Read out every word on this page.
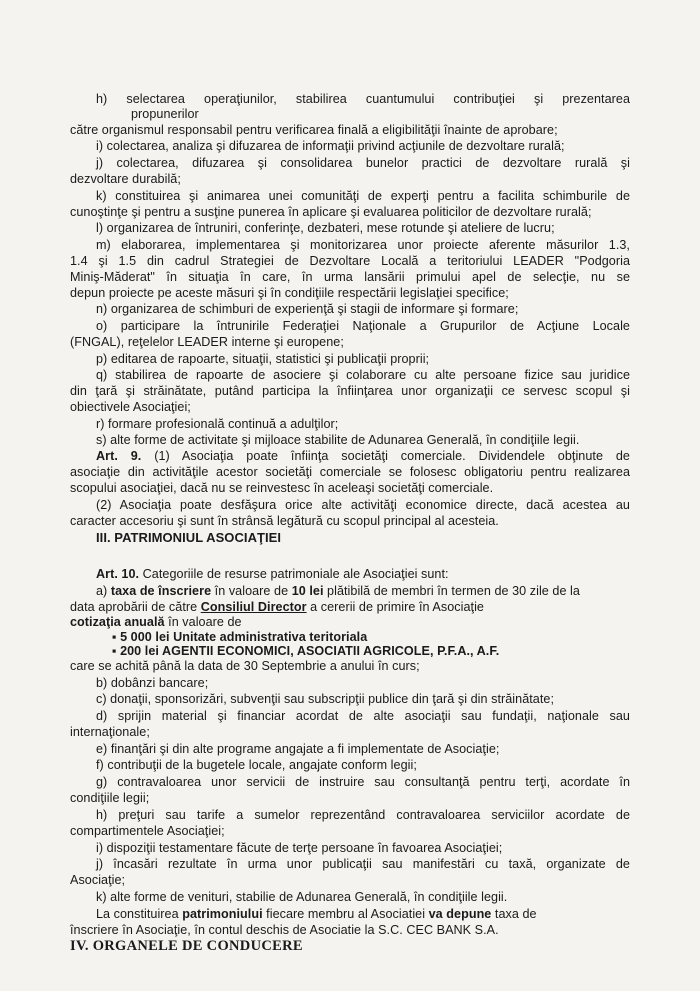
h) selectarea operaţiunilor, stabilirea cuantumului contribuţiei şi prezentarea
propunerilor
către organismul responsabil pentru verificarea finală a eligibilităţii înainte de aprobare;
i) colectarea, analiza şi difuzarea de informaţii privind acţiunile de dezvoltare rurală;
j) colectarea, difuzarea şi consolidarea bunelor practici de dezvoltare rurală şi
dezvoltare durabilă;
k) constituirea şi animarea unei comunităţi de experţi pentru a facilita schimburile de
cunoştinţe şi pentru a susţine punerea în aplicare şi evaluarea politicilor de dezvoltare rurală;
l) organizarea de întruniri, conferinţe, dezbateri, mese rotunde şi ateliere de lucru;
m) elaborarea, implementarea şi monitorizarea unor proiecte aferente măsurilor 1.3,
1.4 şi 1.5 din cadrul Strategiei de Dezvoltare Locală a teritoriului LEADER "Podgoria
Miniş-Măderat" în situaţia în care, în urma lansării primului apel de selecţie, nu se
depun proiecte pe aceste măsuri şi în condiţiile respectării legislaţiei specifice;
n) organizarea de schimburi de experienţă şi stagii de informare şi formare;
o) participare la întrunirile Federaţiei Naţionale a Grupurilor de Acţiune Locale
(FNGAL), reţelelor LEADER interne şi europene;
p) editarea de rapoarte, situaţii, statistici şi publicaţii proprii;
q) stabilirea de rapoarte de asociere şi colaborare cu alte persoane fizice sau juridice
din ţară şi străinătate, putând participa la înfiinţarea unor organizaţii ce servesc scopul şi
obiectivele Asociaţiei;
r) formare profesională continuă a adulţilor;
s) alte forme de activitate şi mijloace stabilite de Adunarea Generală, în condiţiile legii.
Art. 9. (1) Asociaţia poate înfiinţa societăţi comerciale. Dividendele obţinute de
asociaţie din activităţile acestor societăţi comerciale se folosesc obligatoriu pentru realizarea
scopului asociaţiei, dacă nu se reinvestesc în aceleaşi societăţi comerciale.
(2) Asociaţia poate desfăşura orice alte activităţi economice directe, dacă acestea au
caracter accesoriu şi sunt în strânsă legătură cu scopul principal al acesteia.
care se achită până la data de 30 Septembrie a anului în curs;
b) dobânzi bancare;
c) donaţii, sponsorizări, subvenţii sau subscripţii publice din ţară şi din străinătate;
d) sprijin material şi financiar acordat de alte asociaţii sau fundaţii, naţionale sau
internaţionale;
e) finanţări şi din alte programe angajate a fi implementate de Asociaţie;
f) contribuţii de la bugetele locale, angajate conform legii;
g) contravaloarea unor servicii de instruire sau consultanţă pentru terţi, acordate în
condiţiile legii;
h) preţuri sau tarife a sumelor reprezentând contravaloarea serviciilor acordate de
compartimentele Asociaţiei;
i) dispoziţii testamentare făcute de terţe persoane în favoarea Asociaţiei;
j) încasări rezultate în urma unor publicaţii sau manifestări cu taxă, organizate de
Asociaţie;
k) alte forme de venituri, stabilie de Adunarea Generală, în condiţiile legii.
III. PATRIMONIUL ASOCIAŢIEI
Art. 10. Categoriile de resurse patrimoniale ale Asociaţiei sunt:
a) taxa de înscriere în valoare de 10 lei plătibilă de membri în termen de 30 zile de la
data aprobării de către Consiliul Director a cererii de primire în Asociaţie
cotizaţia anuală în valoare de
▪ 5 000 lei Unitate administrativa teritoriala
▪ 200 lei AGENTII ECONOMICI, ASOCIATII AGRICOLE, P.F.A., A.F.
La constituirea patrimoniului fiecare membru al Asociatiei va depune taxa de
înscriere în Asociaţie, în contul deschis de Asociatie la S.C. CEC BANK S.A.
IV. ORGANELE DE CONDUCERE
